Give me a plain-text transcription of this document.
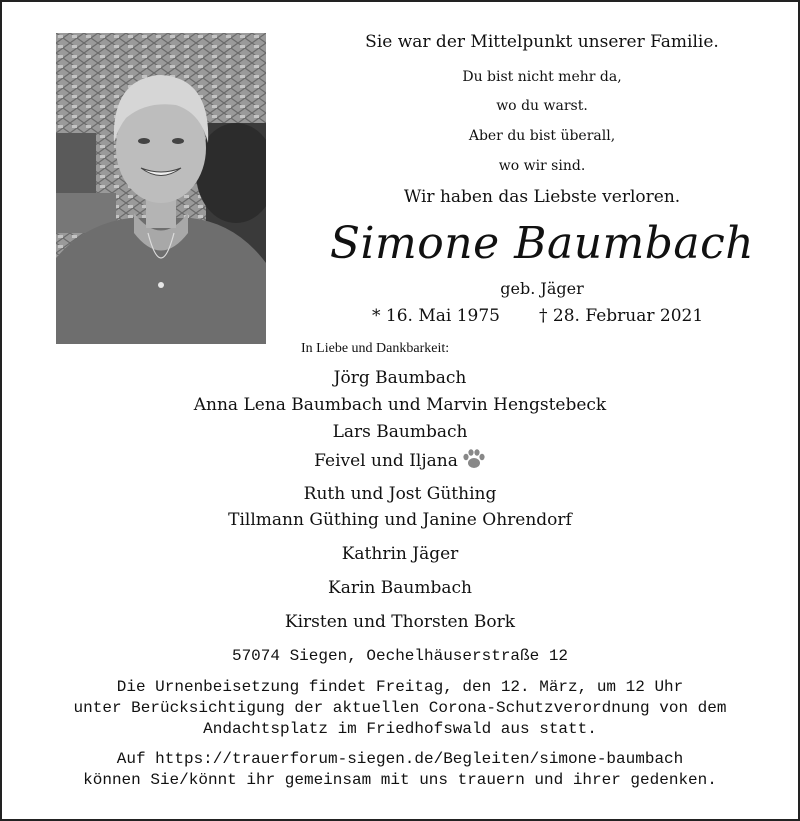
Sie war der Mittelpunkt unserer Familie.
Du bist nicht mehr da,
wo du warst.
Aber du bist überall,
wo wir sind.
Wir haben das Liebste verloren.
Simone Baumbach
geb. Jäger
* 16. Mai 1975 † 28. Februar 2021
In Liebe und Dankbarkeit:
Jörg Baumbach
Anna Lena Baumbach und Marvin Hengstebeck
Lars Baumbach
Feivel und Iljana
Ruth und Jost Güthing
Tillmann Güthing und Janine Ohrendorf
Kathrin Jäger
Karin Baumbach
Kirsten und Thorsten Bork
57074 Siegen, Oechelhäuserstraße 12
Die Urnenbeisetzung findet Freitag, den 12. März, um 12 Uhr
unter Berücksichtigung der aktuellen Corona-Schutzverordnung von dem
Andachtsplatz im Friedhofswald aus statt.
Auf https://trauerforum-siegen.de/Begleiten/simone-baumbach
können Sie/könnt ihr gemeinsam mit uns trauern und ihrer gedenken.
